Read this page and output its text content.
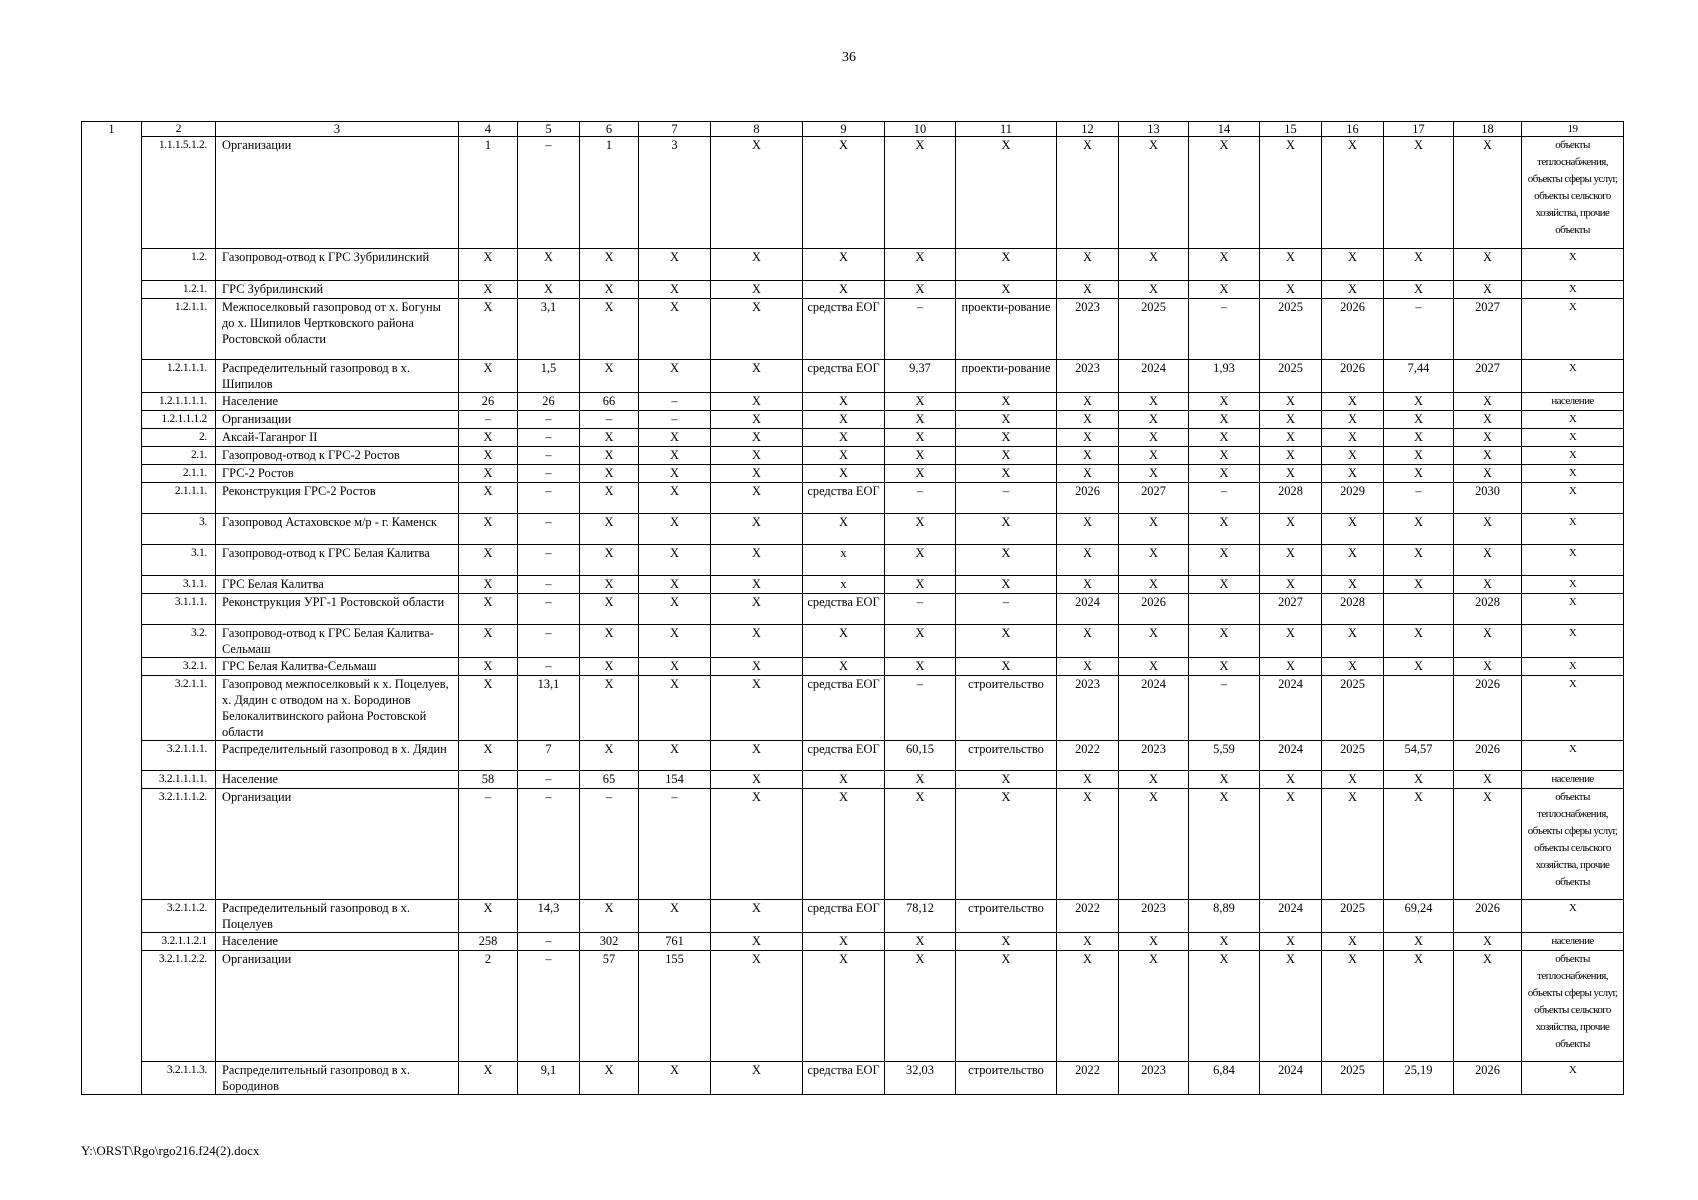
36
1	2	3	4	5	6	7	8	9	10	11	12	13	14	15	16	17	18	19
	1.1.1.5.1.2.	Организации	1	–	1	3	Х	Х	Х	Х	Х	Х	Х	Х	Х	Х	Х	объекты теплоснабжения, объекты сферы услуг, объекты сельского хозяйства, прочие объекты
	1.2.	Газопровод-отвод к ГРС Зубрилинский	Х	Х	Х	Х	Х	Х	Х	Х	Х	Х	Х	Х	Х	Х	Х	Х
	1.2.1.	ГРС Зубрилинский	Х	Х	Х	Х	Х	Х	Х	Х	Х	Х	Х	Х	Х	Х	Х	Х
	1.2.1.1.	Межпоселковый газопровод от х. Богуны до х. Шипилов Чертковского района Ростовской области	Х	3,1	Х	Х	Х	средства ЕОГ	–	проекти-рование	2023	2025	–	2025	2026	–	2027	Х
	1.2.1.1.1.	Распределительный газопровод в х. Шипилов	Х	1,5	Х	Х	Х	средства ЕОГ	9,37	проекти-рование	2023	2024	1,93	2025	2026	7,44	2027	Х
	1.2.1.1.1.1.	Население	26	26	66	–	Х	Х	Х	Х	Х	Х	Х	Х	Х	Х	Х	население
	1.2.1.1.1.2	Организации	–	–	–	–	Х	Х	Х	Х	Х	Х	Х	Х	Х	Х	Х	Х
	2.	Аксай-Таганрог II	Х	–	Х	Х	Х	Х	Х	Х	Х	Х	Х	Х	Х	Х	Х	Х
	2.1.	Газопровод-отвод к ГРС-2 Ростов	Х	–	Х	Х	Х	Х	Х	Х	Х	Х	Х	Х	Х	Х	Х	Х
	2.1.1.	ГРС-2 Ростов	Х	–	Х	Х	Х	Х	Х	Х	Х	Х	Х	Х	Х	Х	Х	Х
	2.1.1.1.	Реконструкция ГРС-2 Ростов	Х	–	Х	Х	Х	средства ЕОГ	–	–	2026	2027	–	2028	2029	–	2030	Х
	3.	Газопровод Астаховское м/р - г. Каменск	Х	–	Х	Х	Х	Х	Х	Х	Х	Х	Х	Х	Х	Х	Х	Х
	3.1.	Газопровод-отвод к ГРС Белая Калитва	Х	–	Х	Х	Х	х	Х	Х	Х	Х	Х	Х	Х	Х	Х	Х
	3.1.1.	ГРС Белая Калитва	Х	–	Х	Х	Х	х	Х	Х	Х	Х	Х	Х	Х	Х	Х	Х
	3.1.1.1.	Реконструкция УРГ-1 Ростовской области	Х	–	Х	Х	Х	средства ЕОГ	–	–	2024	2026		2027	2028		2028	Х
	3.2.	Газопровод-отвод к ГРС Белая Калитва-Сельмаш	Х	–	Х	Х	Х	Х	Х	Х	Х	Х	Х	Х	Х	Х	Х	Х
	3.2.1.	ГРС Белая Калитва-Сельмаш	Х	–	Х	Х	Х	Х	Х	Х	Х	Х	Х	Х	Х	Х	Х	Х
	3.2.1.1.	Газопровод межпоселковый к х. Поцелуев, х. Дядин с отводом на х. Бородинов Белокалитвинского района Ростовской области	Х	13,1	Х	Х	Х	средства ЕОГ	–	строительство	2023	2024	–	2024	2025		2026	Х
	3.2.1.1.1.	Распределительный газопровод в х. Дядин	Х	7	Х	Х	Х	средства ЕОГ	60,15	строительство	2022	2023	5,59	2024	2025	54,57	2026	Х
	3.2.1.1.1.1.	Население	58	–	65	154	Х	Х	Х	Х	Х	Х	Х	Х	Х	Х	Х	население
	3.2.1.1.1.2.	Организации	–	–	–	–	Х	Х	Х	Х	Х	Х	Х	Х	Х	Х	Х	объекты теплоснабжения, объекты сферы услуг, объекты сельского хозяйства, прочие объекты
	3.2.1.1.2.	Распределительный газопровод в х. Поцелуев	Х	14,3	Х	Х	Х	средства ЕОГ	78,12	строительство	2022	2023	8,89	2024	2025	69,24	2026	Х
	3.2.1.1.2.1	Население	258	–	302	761	Х	Х	Х	Х	Х	Х	Х	Х	Х	Х	Х	население
	3.2.1.1.2.2.	Организации	2	–	57	155	Х	Х	Х	Х	Х	Х	Х	Х	Х	Х	Х	объекты теплоснабжения, объекты сферы услуг, объекты сельского хозяйства, прочие объекты
	3.2.1.1.3.	Распределительный газопровод в х. Бородинов	Х	9,1	Х	Х	Х	средства ЕОГ	32,03	строительство	2022	2023	6,84	2024	2025	25,19	2026	Х
Y:\ORST\Rgo\rgo216.f24(2).docx
